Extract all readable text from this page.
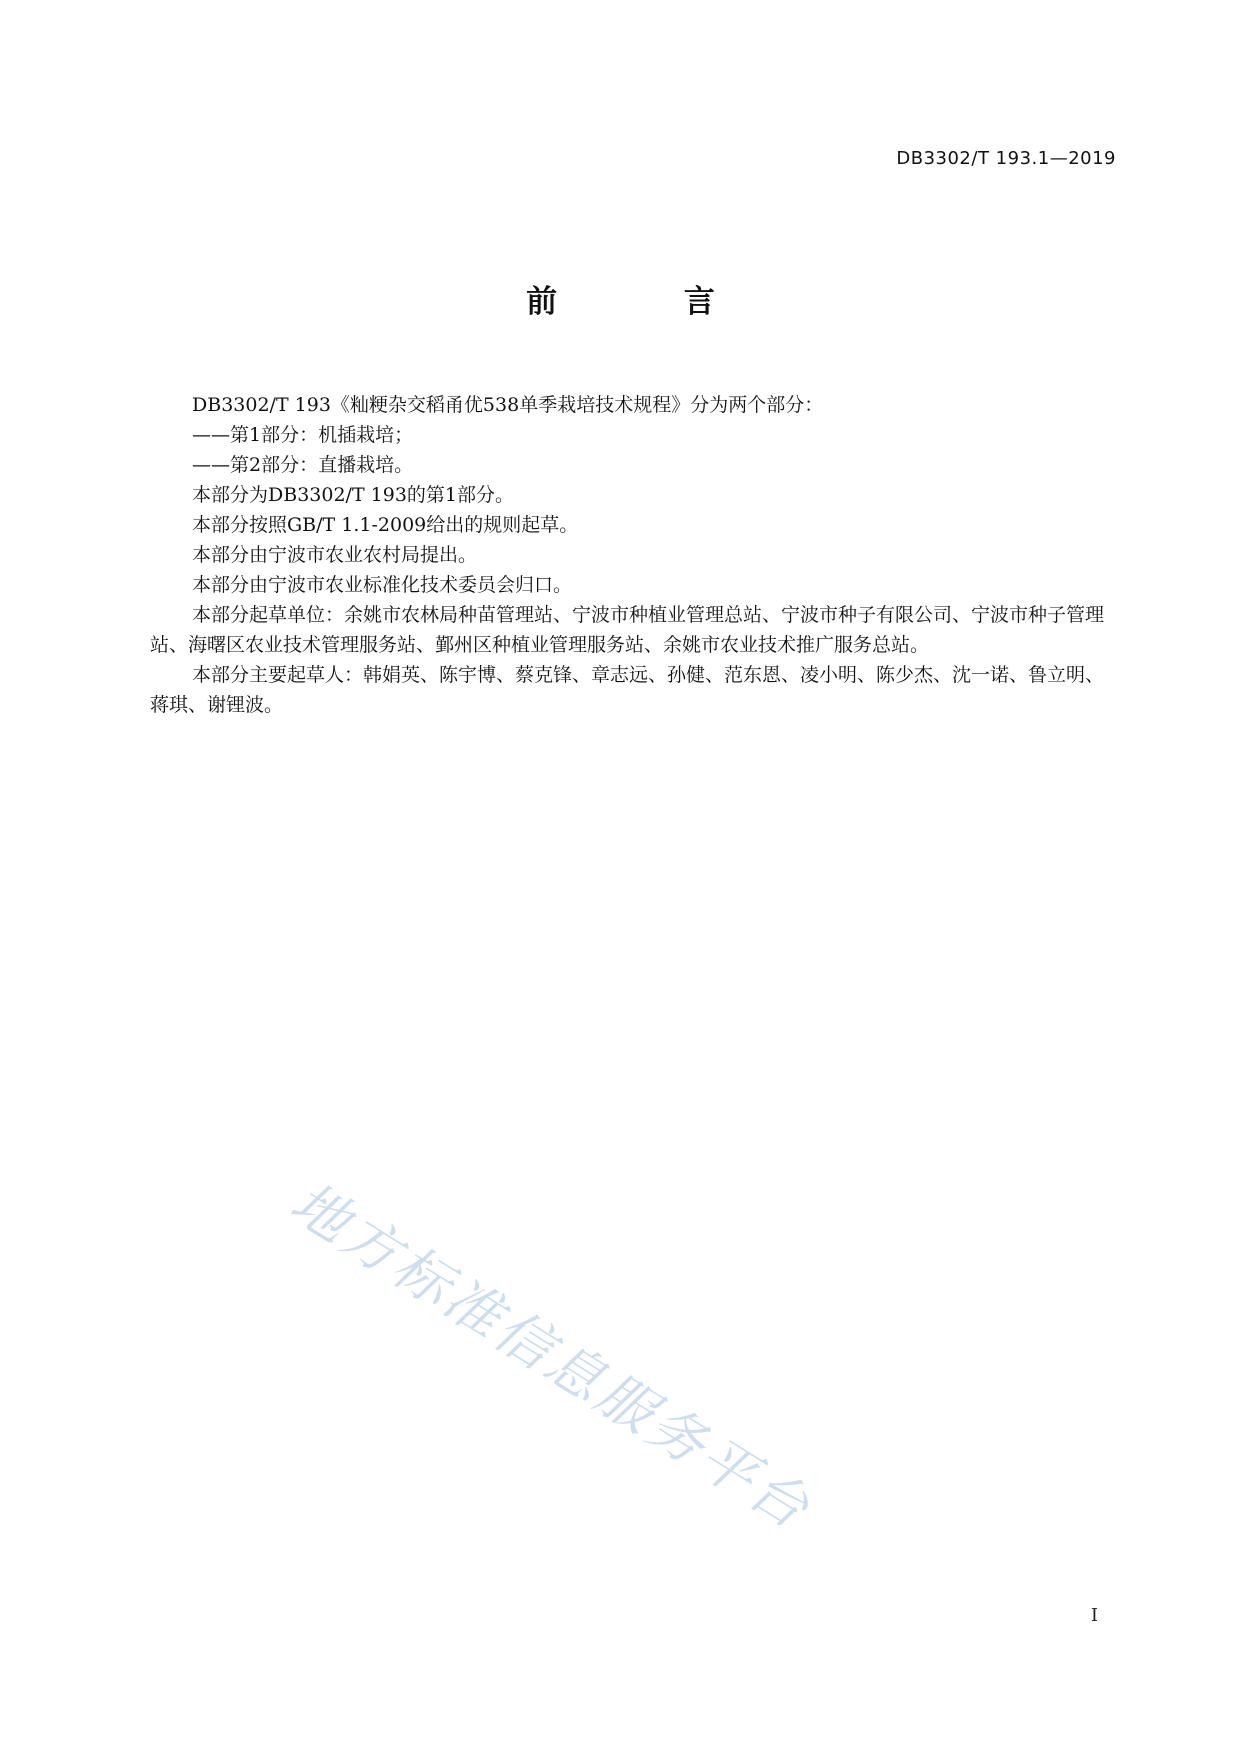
DB3302/T 193.1—2019
前 言

DB3302/T 193《籼粳杂交稻甬优538单季栽培技术规程》分为两个部分：

——第1部分：机插栽培；

——第2部分：直播栽培。

本部分为DB3302/T 193的第1部分。

本部分按照GB/T 1.1-2009给出的规则起草。

本部分由宁波市农业农村局提出。

本部分由宁波市农业标准化技术委员会归口。

本部分起草单位：余姚市农林局种苗管理站、宁波市种植业管理总站、宁波市种子有限公司、宁波市种子管理站、海曙区农业技术管理服务站、鄞州区种植业管理服务站、余姚市农业技术推广服务总站。

本部分主要起草人：韩娟英、陈宇博、蔡克锋、章志远、孙健、范东恩、凌小明、陈少杰、沈一诺、鲁立明、蒋琪、谢锂波。

地方标准信息服务平台
I
